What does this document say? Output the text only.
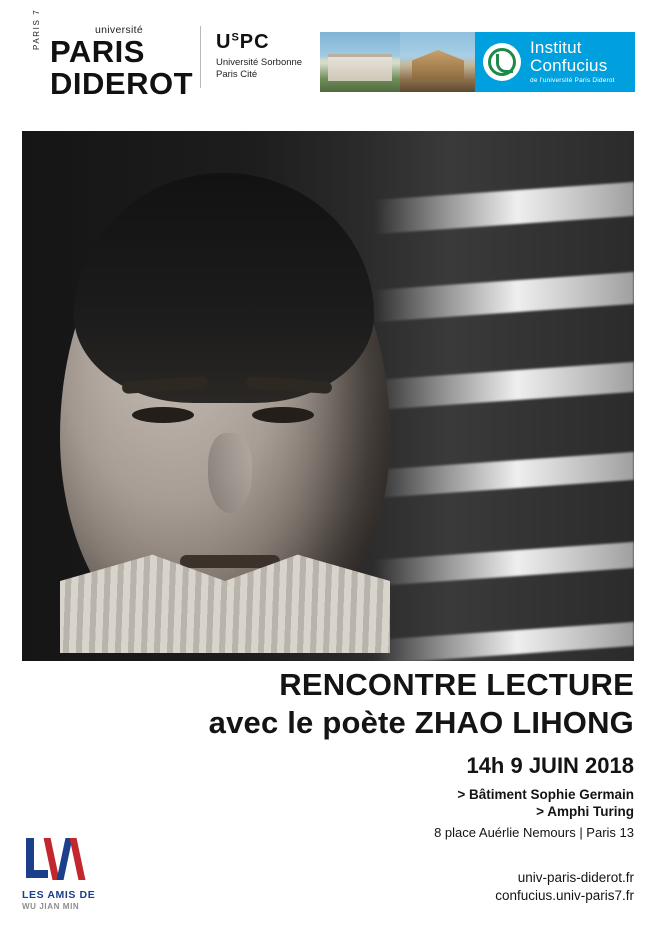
PARIS 7	université
PARIS
DIDEROT
$U^SPC$
Université Sorbonne
Paris Cité
Institut
Confucius
de l'université Paris Diderot
RENCONTRE LECTURE
avec le poète ZHAO LIHONG
14h 9 JUIN 2018
> Bâtiment Sophie Germain
> Amphi Turing
8 place Auérlie Nemours | Paris 13
univ-paris-diderot.fr
confucius.univ-paris7.fr
LES AMIS DE
WU JIAN MIN
